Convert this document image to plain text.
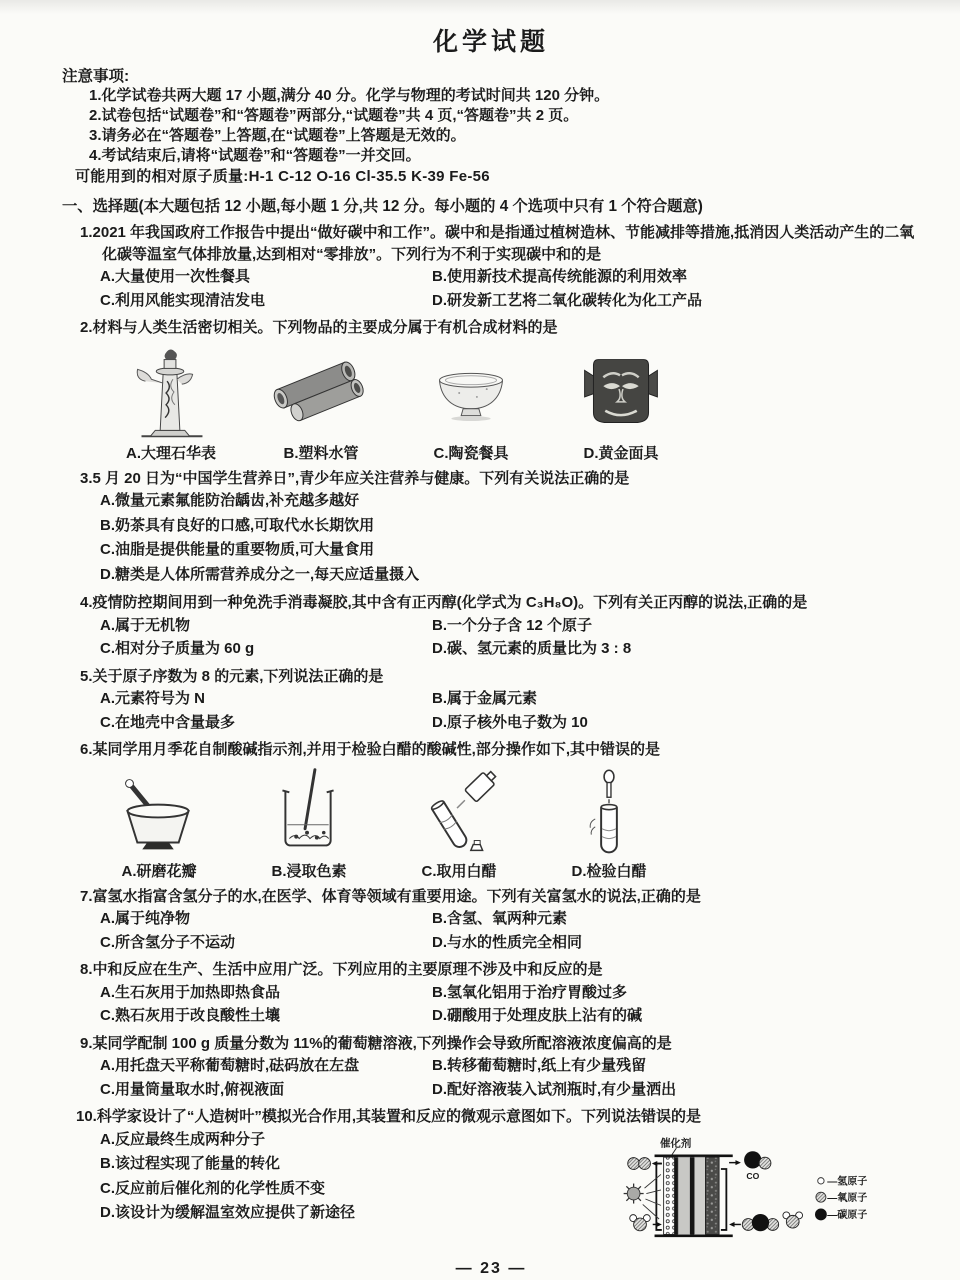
化学试题
注意事项:
1.化学试卷共两大题 17 小题,满分 40 分。化学与物理的考试时间共 120 分钟。
2.试卷包括“试题卷”和“答题卷”两部分,“试题卷”共 4 页,“答题卷”共 2 页。
3.请务必在“答题卷”上答题,在“试题卷”上答题是无效的。
4.考试结束后,请将“试题卷”和“答题卷”一并交回。
可能用到的相对原子质量:H-1 C-12 O-16 Cl-35.5 K-39 Fe-56
一、选择题(本大题包括 12 小题,每小题 1 分,共 12 分。每小题的 4 个选项中只有 1 个符合题意)
1.2021 年我国政府工作报告中提出“做好碳中和工作”。碳中和是指通过植树造林、节能减排等措施,抵消因人类活动产生的二氧化碳等温室气体排放量,达到相对“零排放”。下列行为不利于实现碳中和的是
A.大量使用一次性餐具	B.使用新技术提高传统能源的利用效率
C.利用风能实现清洁发电	D.研发新工艺将二氧化碳转化为化工产品
2.材料与人类生活密切相关。下列物品的主要成分属于有机合成材料的是
A.大理石华表	B.塑料水管	C.陶瓷餐具	D.黄金面具
3.5 月 20 日为“中国学生营养日”,青少年应关注营养与健康。下列有关说法正确的是
A.微量元素氟能防治龋齿,补充越多越好
B.奶茶具有良好的口感,可取代水长期饮用
C.油脂是提供能量的重要物质,可大量食用
D.糖类是人体所需营养成分之一,每天应适量摄入
4.疫情防控期间用到一种免洗手消毒凝胶,其中含有正丙醇(化学式为 C₃H₈O)。下列有关正丙醇的说法,正确的是
A.属于无机物	B.一个分子含 12 个原子
C.相对分子质量为 60 g	D.碳、氢元素的质量比为 3 : 8
5.关于原子序数为 8 的元素,下列说法正确的是
A.元素符号为 N	B.属于金属元素
C.在地壳中含量最多	D.原子核外电子数为 10
6.某同学用月季花自制酸碱指示剂,并用于检验白醋的酸碱性,部分操作如下,其中错误的是
A.研磨花瓣	B.浸取色素	C.取用白醋	D.检验白醋
7.富氢水指富含氢分子的水,在医学、体育等领域有重要用途。下列有关富氢水的说法,正确的是
A.属于纯净物	B.含氢、氧两种元素
C.所含氢分子不运动	D.与水的性质完全相同
8.中和反应在生产、生活中应用广泛。下列应用的主要原理不涉及中和反应的是
A.生石灰用于加热即热食品	B.氢氧化铝用于治疗胃酸过多
C.熟石灰用于改良酸性土壤	D.硼酸用于处理皮肤上沾有的碱
9.某同学配制 100 g 质量分数为 11%的葡萄糖溶液,下列操作会导致所配溶液浓度偏高的是
A.用托盘天平称葡萄糖时,砝码放在左盘	B.转移葡萄糖时,纸上有少量残留
C.用量筒量取水时,俯视液面	D.配好溶液装入试剂瓶时,有少量洒出
10.科学家设计了“人造树叶”模拟光合作用,其装置和反应的微观示意图如下。下列说法错误的是
A.反应最终生成两种分子
B.该过程实现了能量的转化
C.反应前后催化剂的化学性质不变
D.该设计为缓解温室效应提供了新途径
催化剂
CO
—氢原子
—氧原子
—碳原子
— 23 —
